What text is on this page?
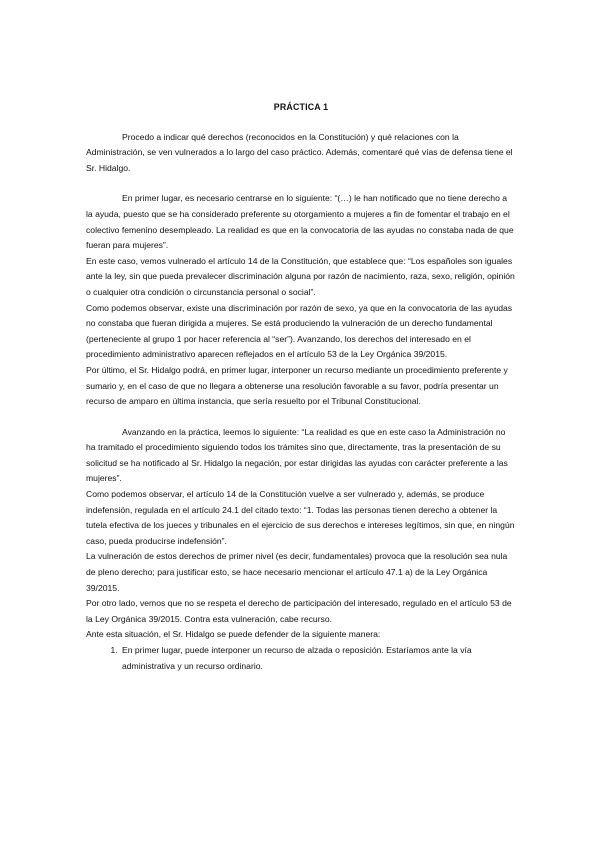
PRÁCTICA 1

Procedo a indicar qué derechos (reconocidos en la Constitución) y qué relaciones con la Administración, se ven vulnerados a lo largo del caso práctico. Además, comentaré qué vías de defensa tiene el Sr. Hidalgo.

En primer lugar, es necesario centrarse en lo siguiente: “(…) le han notificado que no tiene derecho a la ayuda, puesto que se ha considerado preferente su otorgamiento a mujeres a fin de fomentar el trabajo en el colectivo femenino desempleado. La realidad es que en la convocatoria de las ayudas no constaba nada de que fueran para mujeres”.

En este caso, vemos vulnerado el artículo 14 de la Constitución, que establece que: “Los españoles son iguales ante la ley, sin que pueda prevalecer discriminación alguna por razón de nacimiento, raza, sexo, religión, opinión o cualquier otra condición o circunstancia personal o social”.

Como podemos observar, existe una discriminación por razón de sexo, ya que en la convocatoria de las ayudas no constaba que fueran dirigida a mujeres. Se está produciendo la vulneración de un derecho fundamental (perteneciente al grupo 1 por hacer referencia al “ser”). Avanzando, los derechos del interesado en el procedimiento administrativo aparecen reflejados en el artículo 53 de la Ley Orgánica 39/2015.

Por último, el Sr. Hidalgo podrá, en primer lugar, interponer un recurso mediante un procedimiento preferente y sumario y, en el caso de que no llegara a obtenerse una resolución favorable a su favor, podría presentar un recurso de amparo en última instancia, que sería resuelto por el Tribunal Constitucional.

Avanzando en la práctica, leemos lo siguiente: “La realidad es que en este caso la Administración no ha tramitado el procedimiento siguiendo todos los trámites sino que, directamente, tras la presentación de su solicitud se ha notificado al Sr. Hidalgo la negación, por estar dirigidas las ayudas con carácter preferente a las mujeres”.

Como podemos observar, el artículo 14 de la Constitución vuelve a ser vulnerado y, además, se produce indefensión, regulada en el artículo 24.1 del citado texto: “1. Todas las personas tienen derecho a obtener la tutela efectiva de los jueces y tribunales en el ejercicio de sus derechos e intereses legítimos, sin que, en ningún caso, pueda producirse indefensión”.

La vulneración de estos derechos de primer nivel (es decir, fundamentales) provoca que la resolución sea nula de pleno derecho; para justificar esto, se hace necesario mencionar el artículo 47.1 a) de la Ley Orgánica 39/2015.

Por otro lado, vemos que no se respeta el derecho de participación del interesado, regulado en el artículo 53 de la Ley Orgánica 39/2015. Contra esta vulneración, cabe recurso.

Ante esta situación, el Sr. Hidalgo se puede defender de la siguiente manera:

1. En primer lugar, puede interponer un recurso de alzada o reposición. Estaríamos ante la vía administrativa y un recurso ordinario.
